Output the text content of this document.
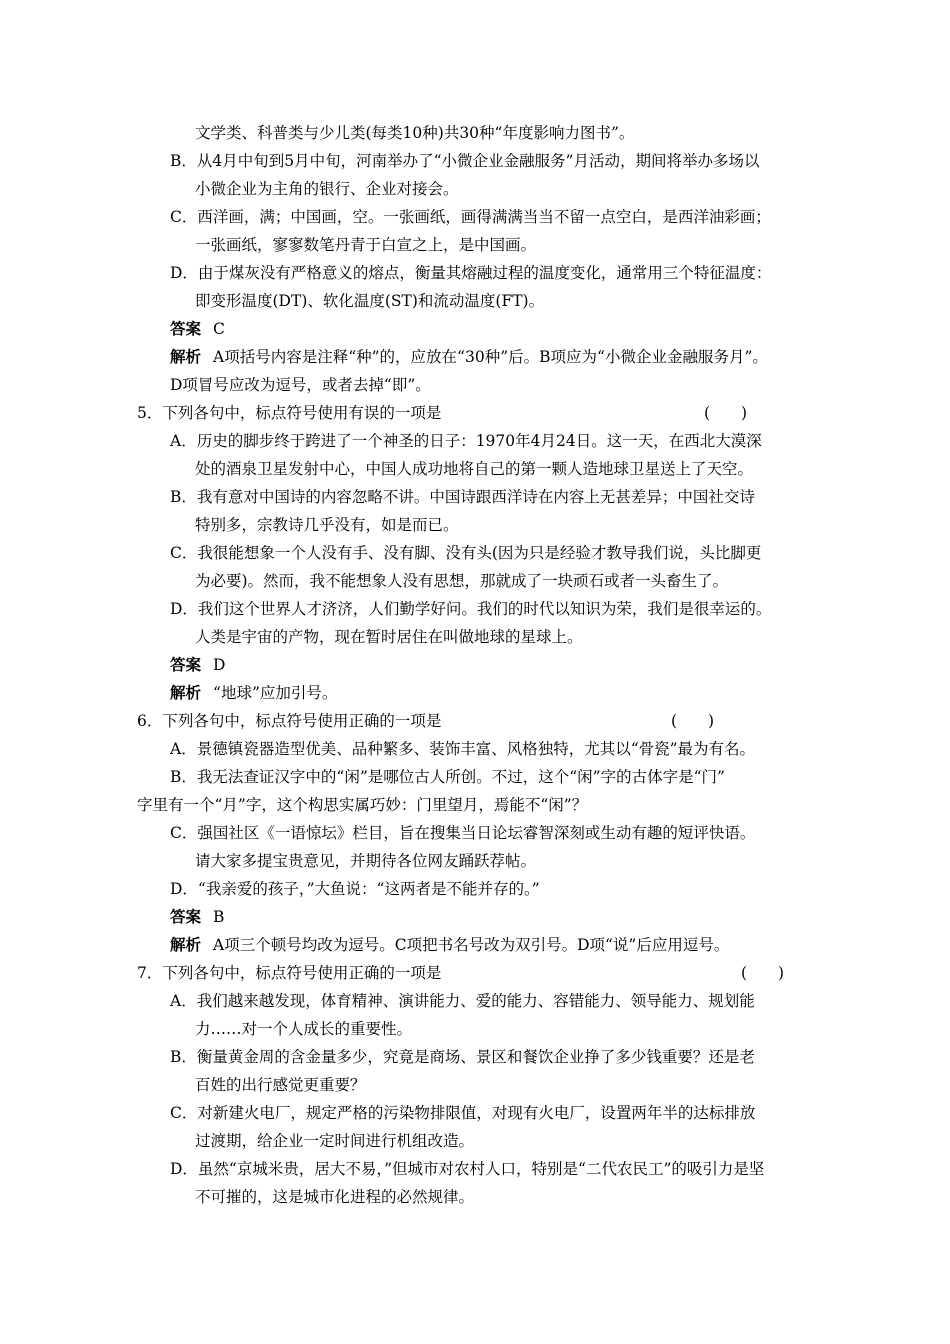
文学类、科普类与少儿类(每类10种)共30种“年度影响力图书”。
B．从4月中旬到5月中旬，河南举办了“小微企业金融服务”月活动，期间将举办多场以
小微企业为主角的银行、企业对接会。
C．西洋画，满；中国画，空。一张画纸，画得满满当当不留一点空白，是西洋油彩画；
一张画纸，寥寥数笔丹青于白宣之上，是中国画。
D．由于煤灰没有严格意义的熔点，衡量其熔融过程的温度变化，通常用三个特征温度：
即变形温度(DT)、软化温度(ST)和流动温度(FT)。
答案 C
解析 A项括号内容是注释“种”的，应放在“30种”后。B项应为“小微企业金融服务月”。
D项冒号应改为逗号，或者去掉“即”。
5．下列各句中，标点符号使用有误的一项是	(　　)
A．历史的脚步终于跨进了一个神圣的日子：1970年4月24日。这一天，在西北大漠深
处的酒泉卫星发射中心，中国人成功地将自己的第一颗人造地球卫星送上了天空。
B．我有意对中国诗的内容忽略不讲。中国诗跟西洋诗在内容上无甚差异；中国社交诗
特别多，宗教诗几乎没有，如是而已。
C．我很能想象一个人没有手、没有脚、没有头(因为只是经验才教导我们说，头比脚更
为必要)。然而，我不能想象人没有思想，那就成了一块顽石或者一头畜生了。
D．我们这个世界人才济济，人们勤学好问。我们的时代以知识为荣，我们是很幸运的。
人类是宇宙的产物，现在暂时居住在叫做地球的星球上。
答案 D
解析 “地球”应加引号。
6．下列各句中，标点符号使用正确的一项是	(　　)
A．景德镇瓷器造型优美、品种繁多、装饰丰富、风格独特，尤其以“骨瓷”最为有名。
B．我无法查证汉字中的“闲”是哪位古人所创。不过，这个“闲”字的古体字是“门”
字里有一个“月”字，这个构思实属巧妙：门里望月，焉能不“闲”？
C．强国社区《一语惊坛》栏目，旨在搜集当日论坛睿智深刻或生动有趣的短评快语。
请大家多提宝贵意见，并期待各位网友踊跃荐帖。
D．“我亲爱的孩子，”大鱼说：“这两者是不能并存的。”
答案 B
解析 A项三个顿号均改为逗号。C项把书名号改为双引号。D项“说”后应用逗号。
7．下列各句中，标点符号使用正确的一项是	(　　)
A．我们越来越发现，体育精神、演讲能力、爱的能力、容错能力、领导能力、规划能
力……对一个人成长的重要性。
B．衡量黄金周的含金量多少，究竟是商场、景区和餐饮企业挣了多少钱重要？还是老
百姓的出行感觉更重要？
C．对新建火电厂，规定严格的污染物排限值，对现有火电厂，设置两年半的达标排放
过渡期，给企业一定时间进行机组改造。
D．虽然“京城米贵，居大不易，”但城市对农村人口，特别是“二代农民工”的吸引力是坚
不可摧的，这是城市化进程的必然规律。
